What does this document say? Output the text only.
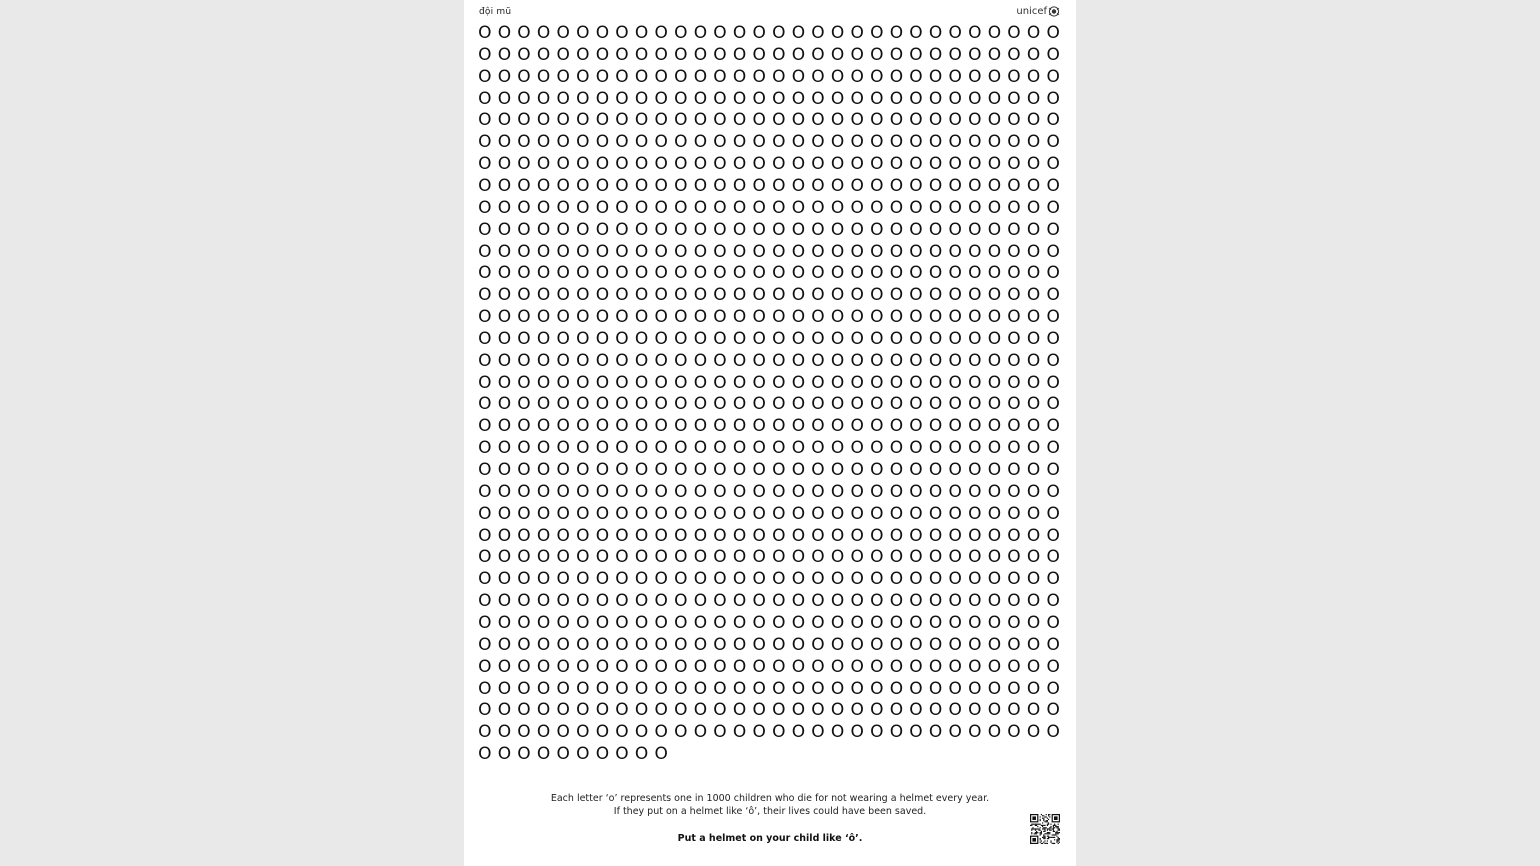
đội mũ	unicef
O O O O O O O O O O O O O O O O O O O O O O O O O O O O O O
O O O O O O O O O O O O O O O O O O O O O O O O O O O O O O
O O O O O O O O O O O O O O O O O O O O O O O O O O O O O O
O O O O O O O O O O O O O O O O O O O O O O O O O O O O O O
O O O O O O O O O O O O O O O O O O O O O O O O O O O O O O
O O O O O O O O O O O O O O O O O O O O O O O O O O O O O O
O O O O O O O O O O O O O O O O O O O O O O O O O O O O O O
O O O O O O O O O O O O O O O O O O O O O O O O O O O O O O
O O O O O O O O O O O O O O O O O O O O O O O O O O O O O O
O O O O O O O O O O O O O O O O O O O O O O O O O O O O O O
O O O O O O O O O O O O O O O O O O O O O O O O O O O O O O
O O O O O O O O O O O O O O O O O O O O O O O O O O O O O O
O O O O O O O O O O O O O O O O O O O O O O O O O O O O O O
O O O O O O O O O O O O O O O O O O O O O O O O O O O O O O
O O O O O O O O O O O O O O O O O O O O O O O O O O O O O O
O O O O O O O O O O O O O O O O O O O O O O O O O O O O O O
O O O O O O O O O O O O O O O O O O O O O O O O O O O O O O
O O O O O O O O O O O O O O O O O O O O O O O O O O O O O O
O O O O O O O O O O O O O O O O O O O O O O O O O O O O O O
O O O O O O O O O O O O O O O O O O O O O O O O O O O O O O
O O O O O O O O O O O O O O O O O O O O O O O O O O O O O O
O O O O O O O O O O O O O O O O O O O O O O O O O O O O O O
O O O O O O O O O O O O O O O O O O O O O O O O O O O O O O
O O O O O O O O O O O O O O O O O O O O O O O O O O O O O O
O O O O O O O O O O O O O O O O O O O O O O O O O O O O O O
O O O O O O O O O O O O O O O O O O O O O O O O O O O O O O
O O O O O O O O O O O O O O O O O O O O O O O O O O O O O O
O O O O O O O O O O O O O O O O O O O O O O O O O O O O O O
O O O O O O O O O O O O O O O O O O O O O O O O O O O O O O
O O O O O O O O O O O O O O O O O O O O O O O O O O O O O O
O O O O O O O O O O O O O O O O O O O O O O O O O O O O O O
O O O O O O O O O O O O O O O O O O O O O O O O O O O O O O
O O O O O O O O O O O O O O O O O O O O O O O O O O O O O O
O O O O O O O O O O
Each letter ‘o’ represents one in 1000 children who die for not wearing a helmet every year.
If they put on a helmet like ‘ô’, their lives could have been saved.
Put a helmet on your child like ‘ô’.
